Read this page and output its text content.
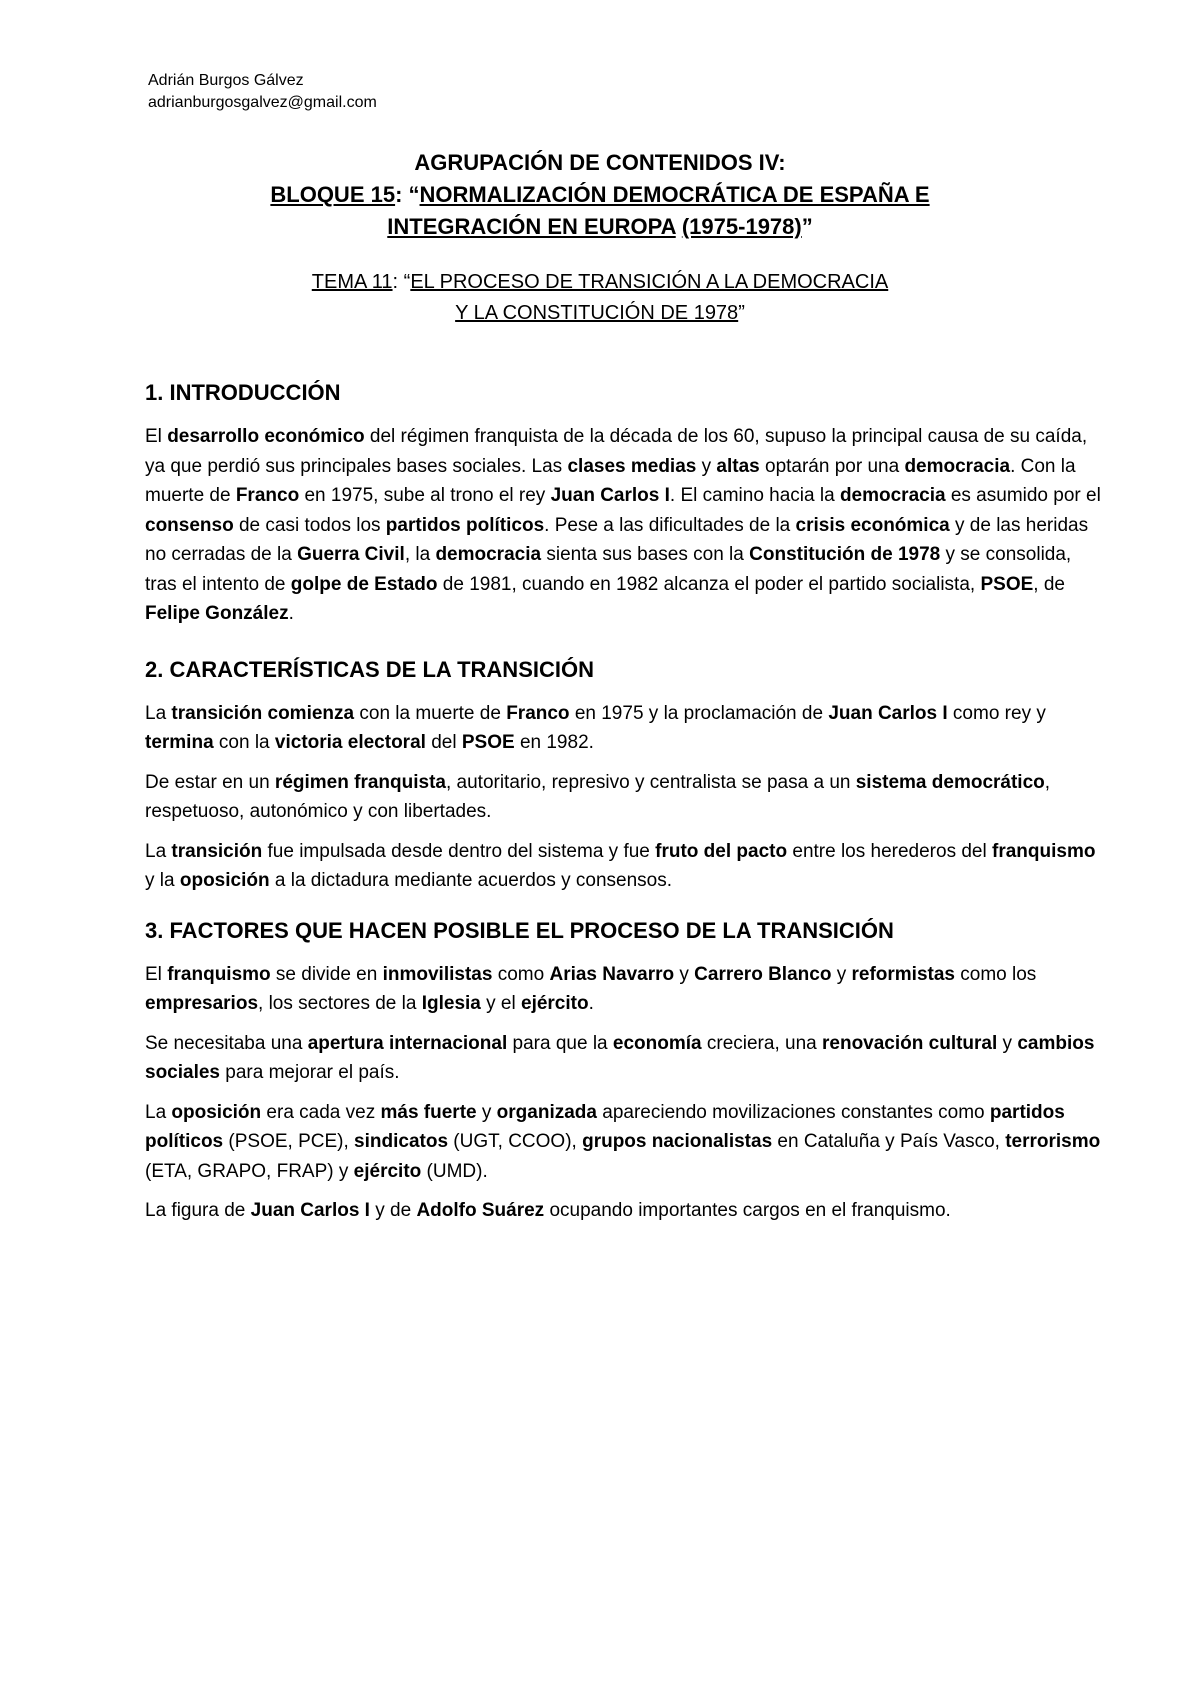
Adrián Burgos Gálvez
adrianburgosgalvez@gmail.com
AGRUPACIÓN DE CONTENIDOS IV:
BLOQUE 15: “NORMALIZACIÓN DEMOCRÁTICA DE ESPAÑA E
INTEGRACIÓN EN EUROPA (1975-1978)”
TEMA 11: “EL PROCESO DE TRANSICIÓN A LA DEMOCRACIA
Y LA CONSTITUCIÓN DE 1978”
1. INTRODUCCIÓN

El desarrollo económico del régimen franquista de la década de los 60, supuso la principal causa de su caída, ya que perdió sus principales bases sociales. Las clases medias y altas optarán por una democracia. Con la muerte de Franco en 1975, sube al trono el rey Juan Carlos I. El camino hacia la democracia es asumido por el consenso de casi todos los partidos políticos. Pese a las dificultades de la crisis económica y de las heridas no cerradas de la Guerra Civil, la democracia sienta sus bases con la Constitución de 1978 y se consolida, tras el intento de golpe de Estado de 1981, cuando en 1982 alcanza el poder el partido socialista, PSOE, de Felipe González.

2. CARACTERÍSTICAS DE LA TRANSICIÓN

La transición comienza con la muerte de Franco en 1975 y la proclamación de Juan Carlos I como rey y termina con la victoria electoral del PSOE en 1982.

De estar en un régimen franquista, autoritario, represivo y centralista se pasa a un sistema democrático, respetuoso, autonómico y con libertades.

La transición fue impulsada desde dentro del sistema y fue fruto del pacto entre los herederos del franquismo y la oposición a la dictadura mediante acuerdos y consensos.

3. FACTORES QUE HACEN POSIBLE EL PROCESO DE LA TRANSICIÓN

El franquismo se divide en inmovilistas como Arias Navarro y Carrero Blanco y reformistas como los empresarios, los sectores de la Iglesia y el ejército.

Se necesitaba una apertura internacional para que la economía creciera, una renovación cultural y cambios sociales para mejorar el país.

La oposición era cada vez más fuerte y organizada apareciendo movilizaciones constantes como partidos políticos (PSOE, PCE), sindicatos (UGT, CCOO), grupos nacionalistas en Cataluña y País Vasco, terrorismo (ETA, GRAPO, FRAP) y ejército (UMD).

La figura de Juan Carlos I y de Adolfo Suárez ocupando importantes cargos en el franquismo.
